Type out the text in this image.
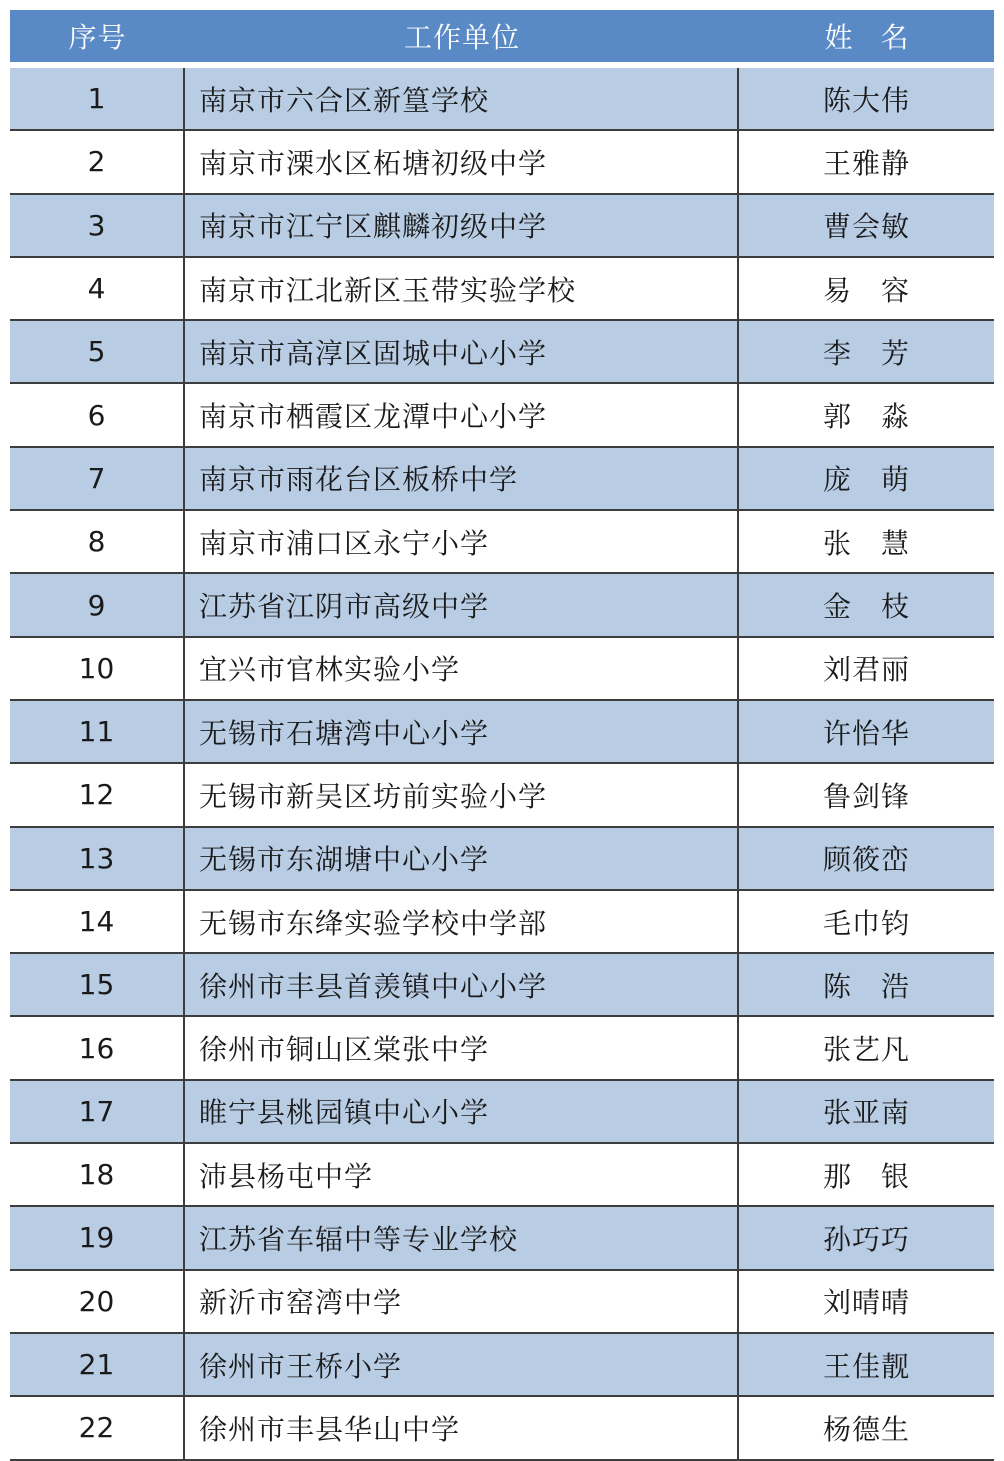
序号	工作单位	姓名
1	南京市六合区新篁学校	陈大伟
2	南京市溧水区柘塘初级中学	王雅静
3	南京市江宁区麒麟初级中学	曹会敏
4	南京市江北新区玉带实验学校	易　容
5	南京市高淳区固城中心小学	李　芳
6	南京市栖霞区龙潭中心小学	郭　淼
7	南京市雨花台区板桥中学	庞　萌
8	南京市浦口区永宁小学	张　慧
9	江苏省江阴市高级中学	金　枝
10	宜兴市官林实验小学	刘君丽
11	无锡市石塘湾中心小学	许怡华
12	无锡市新吴区坊前实验小学	鲁剑锋
13	无锡市东湖塘中心小学	顾筱峦
14	无锡市东绛实验学校中学部	毛巾钧
15	徐州市丰县首羡镇中心小学	陈　浩
16	徐州市铜山区棠张中学	张艺凡
17	睢宁县桃园镇中心小学	张亚南
18	沛县杨屯中学	那　银
19	江苏省车辐中等专业学校	孙巧巧
20	新沂市窑湾中学	刘晴晴
21	徐州市王桥小学	王佳靓
22	徐州市丰县华山中学	杨德生
